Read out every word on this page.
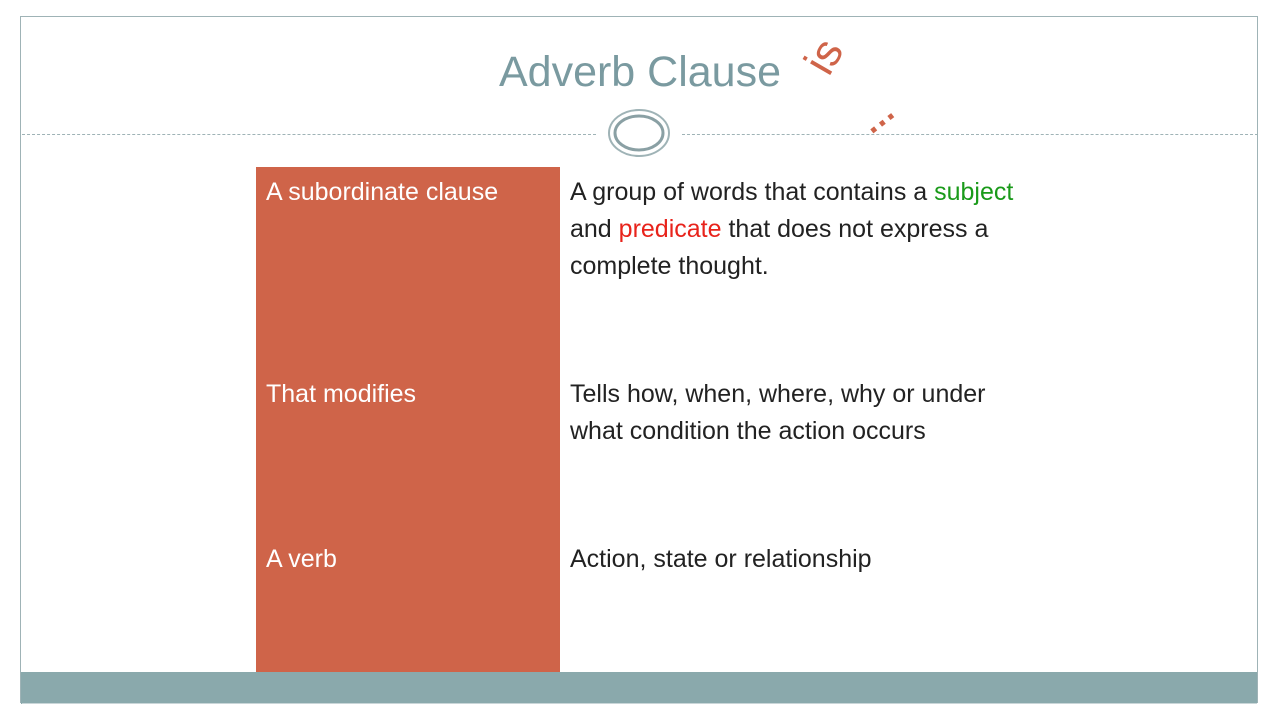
Adverb Clause is
…
A subordinate clause	A group of words that contains a subject and predicate that does not express a complete thought.
That modifies	Tells how, when, where, why or under what condition the action occurs
A verb	Action, state or relationship
